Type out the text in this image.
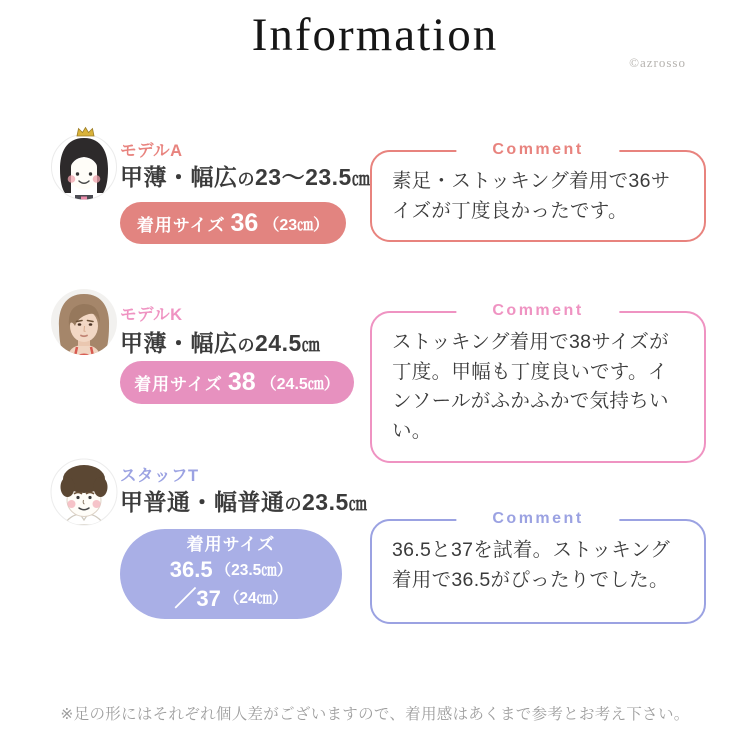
Information
©azrosso
モデルA
甲薄・幅広の23〜23.5㎝
着用サイズ 36 （23㎝）
Comment
素足・ストッキング着用で36サイズが丁度良かったです。
モデルK
甲薄・幅広の24.5㎝
着用サイズ 38 （24.5㎝）
Comment
ストッキング着用で38サイズが丁度。甲幅も丁度良いです。インソールがふかふかで気持ちいい。
スタッフT
甲普通・幅普通の23.5㎝
着用サイズ
36.5 （23.5㎝）
／37 （24㎝）
Comment
36.5と37を試着。ストッキング着用で36.5がぴったりでした。
※足の形にはそれぞれ個人差がございますので、着用感はあくまで参考とお考え下さい。
